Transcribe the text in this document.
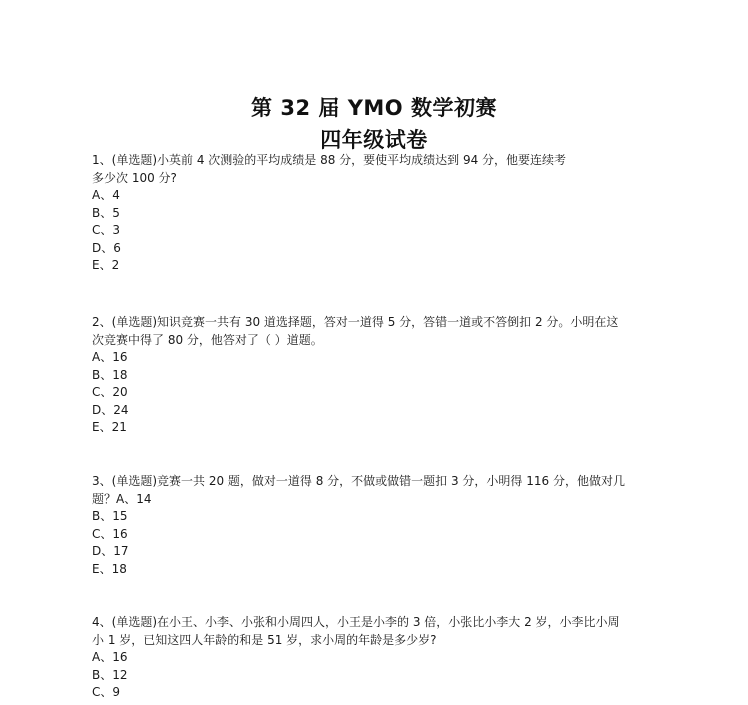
第 32 届 YMO 数学初赛
四年级试卷
1、(单选题)小英前 4 次测验的平均成绩是 88 分，要使平均成绩达到 94 分，他要连续考
多少次 100 分?
A、4
B、5
C、3
D、6
E、2
2、(单选题)知识竞赛一共有 30 道选择题，答对一道得 5 分，答错一道或不答倒扣 2 分。小明在这
次竞赛中得了 80 分，他答对了（ ）道题。
A、16
B、18
C、20
D、24
E、21
3、(单选题)竞赛一共 20 题，做对一道得 8 分，不做或做错一题扣 3 分，小明得 116 分，他做对几
题？A、14
B、15
C、16
D、17
E、18
4、(单选题)在小王、小李、小张和小周四人，小王是小李的 3 倍，小张比小李大 2 岁，小李比小周
小 1 岁，已知这四人年龄的和是 51 岁，求小周的年龄是多少岁?
A、16
B、12
C、9
